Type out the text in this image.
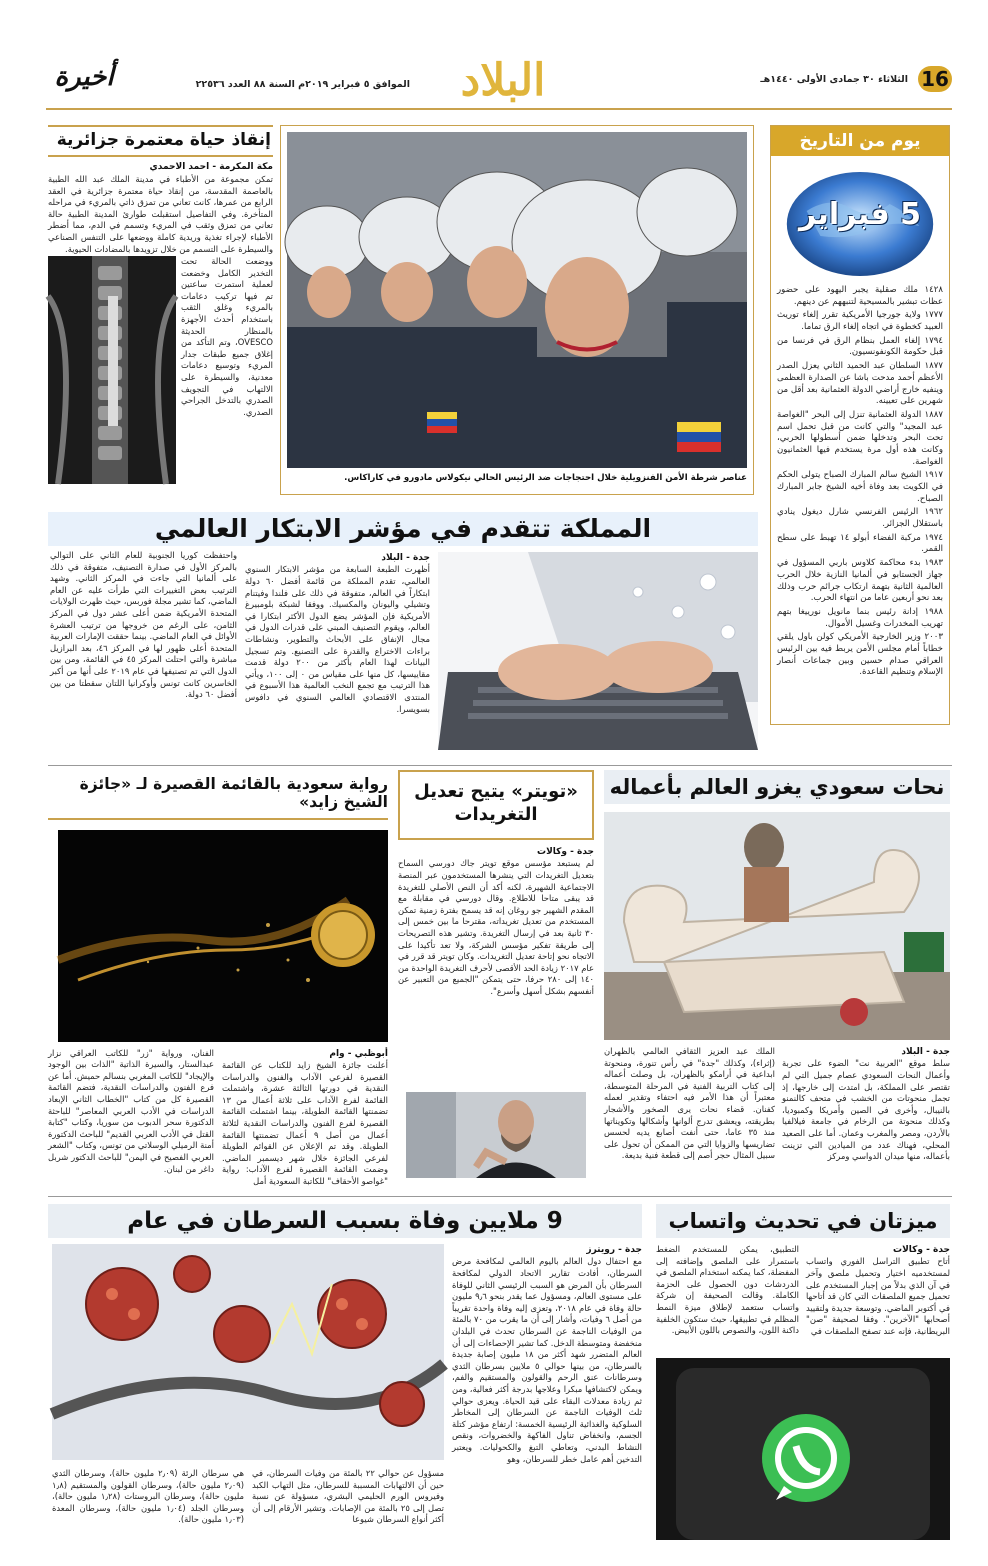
16
الثلاثاء ٣٠ جمادى الأولى ١٤٤٠هـ
البلاد
الموافق ٥ فبراير ٢٠١٩م السنة ٨٨ العدد ٢٢٥٣٦
أخيرة
يوم من التاريخ
5 فبراير

١٤٢٨ ملك صقلية يجبر اليهود على حضور عظات تبشير بالمسيحية لتنبههم عن دينهم.

١٧٧٧ ولاية جورجيا الأمريكية تقرر إلغاء توريث العبيد كخطوة في اتجاه إلغاء الرق تماما.

١٧٩٤ إلغاء العمل بنظام الرق في فرنسا من قبل حكومة الكونفونسيون.

١٨٧٧ السلطان عبد الحميد الثاني يعزل الصدر الأعظم أحمد مدحت باشا عن الصدارة العظمى وينفيه خارج أراضي الدولة العثمانية بعد أقل من شهرين على تعيينه.

١٨٨٧ الدولة العثمانية تنزل إلى البحر "الغواصة عبد المجيد" والتي كانت من قبل تحمل اسم تحت البحر وتدخلها ضمن أسطولها الحربي، وكانت هذه أول مرة يستخدم فيها العثمانيون الغواصة.

١٩١٧ الشيخ سالم المبارك الصباح يتولى الحكم في الكويت بعد وفاة أخيه الشيخ جابر المبارك الصباح.

١٩٦٢ الرئيس الفرنسي شارل ديغول ينادي باستقلال الجزائر.

١٩٧٤ مركبة الفضاء أبولو ١٤ تهبط على سطح القمر.

١٩٨٣ بدء محاكمة كلاوس باربي المسؤول في جهاز الجستابو في ألمانيا النازية خلال الحرب العالمية الثانية بتهمة ارتكاب جرائم حرب وذلك بعد نحو أربعين عاما من انتهاء الحرب.

١٩٨٨ إدانة رئيس بنما مانويل نورييغا بتهم تهريب المخدرات وغسيل الأموال.

٢٠٠٣ وزير الخارجية الأمريكي كولن باول يلقي خطاباً أمام مجلس الأمن يربط فيه بين الرئيس العراقي صدام حسين وبين جماعات أنصار الإسلام وتنظيم القاعدة.

عناصر شرطة الأمن الفنزويلية خلال احتجاجات ضد الرئيس الحالي نيكولاس مادورو في كاراكاس.
إنقاذ حياة معتمرة جزائرية
مكة المكرمة - احمد الاحمدي
تمكن مجموعة من الأطباء في مدينة الملك عبد الله الطبية بالعاصمة المقدسة، من إنقاذ حياة معتمرة جزائرية في العقد الرابع من عمرها، كانت تعاني من تمزق ذاتي بالمريء في مراحله المتأخرة. وفي التفاصيل استقبلت طوارئ المدينة الطبية حالة تعاني من تمزق وثقب في المريء وتسمم في الدم، مما أضطر الأطباء لإجراء تغذية وريدية كاملة ووضعها على التنفس الصناعي والسيطرة على التسمم من خلال تزويدها بالمضادات الحيوية.
ووضعت الحالة تحت التخدير الكامل وخضعت لعملية استمرت ساعتين تم فيها تركيب دعامات بالمريء وغلق الثقب باستخدام أحدث الأجهزة بالمنظار الحديثة OVESCO، وتم التأكد من إغلاق جميع طبقات جدار المريء وتوسيع دعامات معدنية، والسيطرة على الالتهاب في التجويف الصدري بالتدخل الجراحي الصدري.
المملكة تتقدم في مؤشر الابتكار العالمي
جدة - البلاد
أظهرت الطبعة السابعة من مؤشر الابتكار السنوي العالمي، تقدم المملكة من قائمة أفضل ٦٠ دولة ابتكاراً في العالم، متفوقة في ذلك على فلندا وفيتنام وتشيلي واليونان والمكسيك. ووفقا لشبكة بلومبيرغ الأمريكية فإن المؤشر يضع الدول الأكثر ابتكارا في العالم، ويقوم التصنيف المبني على قدرات الدول في مجال الإنفاق على الأبحاث والتطوير، ونشاطات براءات الاختراع والقدرة على التصنيع. وتم تسجيل البيانات لهذا العام بأكثر من ٢٠٠ دولة قدمت مقاييسها، كل منها على مقياس من ٠ إلى ١٠٠، ويأتي هذا الترتيب مع تجمع النخب العالمية هذا الأسبوع في المنتدى الاقتصادي العالمي السنوي في دافوس بسويسرا.
واحتفظت كوريا الجنوبية للعام الثاني على التوالي بالمركز الأول في صدارة التصنيف، متفوقة في ذلك على ألمانيا التي جاءت في المركز الثاني. وشهد الترتيب بعض التغييرات التي طرأت عليه عن العام الماضي، كما تشير مجلة فوربس، حيث ظهرت الولايات المتحدة الأمريكية ضمن أعلى عشر دول في المركز الثامن، على الرغم من خروجها من ترتيب العشرة الأوائل في العام الماضي. بينما حققت الإمارات العربية المتحدة أعلى ظهور لها في المركز ٤٦، بعد البرازيل مباشرة والتي احتلت المركز ٤٥ في القائمة، ومن بين الدول التي تم تصنيفها في عام ٢٠١٩ على أنها من أكبر الخاسرين كانت تونس وأوكرانيا اللتان سقطتا من بين أفضل ٦٠ دولة.
نحات سعودي يغزو العالم بأعماله
جدة - البلاد
سلط موقع "العربية نت" الضوء على تجربة وأعمال النحات السعودي عصام جميل التي لم تقتصر على المملكة، بل امتدت إلى خارجها، إذ تجمل منحوتات من الخشب في متحف كالنمنو بالنيبال، وأخرى في الصين وأمريكا وكمبوديا، وكذلك منحوتة من الرخام في جامعة فيلالفيا بالأردن، ومصر والمغرب وعمان. أما على الصعيد المحلي، فهناك عدد من الميادين التي تزينت بأعماله، منها ميدان الدواسي ومركز
الملك عبد العزيز الثقافي العالمي بالظهران (إثراء)، وكذلك "جدة" في رأس تنورة، ومنحوتة ابداعية في أرامكو بالظهران، بل وصلت أعماله إلى كتاب التربية الفنية في المرحلة المتوسطة، معتبراً أن هذا الأمر فيه احتفاء وتقدير لعمله كفنان. قضاء نحات يرى الصخور والأشجار بطريقته، ويعشق تدرج ألوانها وأشكالها وتكويناتها منذ ٣٥ عاما، حتى أنفت أصابع يديه لحسس تضاريسها والزوايا التي من الممكن أن تحول على سبيل المثال حجر أصم إلى قطعة فنية بديعة.
«تويتر» يتيح تعديل التغريدات
جدة - وكالات
لم يستبعد مؤسس موقع تويتر جاك دورسي السماح بتعديل التغريدات التي ينشرها المستخدمون عبر المنصة الاجتماعية الشهيرة، لكنه أكد أن النص الأصلي للتغريدة قد يبقى متاحا للاطلاع. وقال دورسي في مقابلة مع المقدم الشهير جو روغان إنه قد يسمح بفترة زمنية تمكن المستخدم من تعديل تغريداته، مقترحا ما بين خمس إلى ٣٠ ثانية بعد في إرسال التغريدة. وتشير هذه التصريحات إلى طريقة تفكير مؤسس الشركة، ولا تعد تأكيدا على الاتجاه نحو إتاحة تعديل التغريدات. وكان تويتر قد قرر في عام ٢٠١٧ زيادة الحد الأقصى لأحرف التغريدة الواحدة من ١٤٠ إلى ٢٨٠ حرفا، حتى يتمكن "الجميع من التعبير عن أنفسهم بشكل أسهل وأسرع".
رواية سعودية بالقائمة القصيرة لـ «جائزة الشيخ زايد»
أبوظبي - وام
أعلنت جائزة الشيخ زايد للكتاب عن القائمة القصيرة لفرعي الآداب والفنون والدراسات النقدية في دورتها الثالثة عشرة، واشتملت القائمة لفرع الآداب على ثلاثة أعمال من ١٣ تضمنتها القائمة الطويلة، بينما اشتملت القائمة القصيرة لفرع الفنون والدراسات النقدية لثلاثة أعمال من أصل ٩ أعمال تضمنتها القائمة الطويلة. وقد تم الإعلان عن القوائم الطويلة لفرعي الجائزة خلال شهر ديسمبر الماضي. وضمت القائمة القصيرة لفرع الآداب: رواية "غواصو الأحقاف" للكاتبة السعودية أمل
الفنان، ورواية "زر" للكاتب العراقي نزار عبدالستار، والسيرة الذاتية "الذات بين الوجود والإيجاد" للكاتب المغربي بنسالم حميش. أما عن فرع الفنون والدراسات النقدية، فتضم القائمة القصيرة كل من كتاب "الخطاب الثاني الإبعاد الدراسات في الأدب العربي المعاصر" للباحثة الدكتورة سحر الدبوب من سوريا، وكتاب "كتابة القتل في الأدب العربي القديم" للباحث الدكتورة أمنة الرميلي الوسلاتي من تونس، وكتاب "الشعر العربي الفصيح في اليمن" للباحث الدكتور شربل داغر من لبنان.
ميزتان في تحديث واتساب
جدة - وكالات
أتاح تطبيق التراسل الفوري واتساب لمستخدميه اختيار وتحميل ملصق وآخر في آن الذي بدلاً من إجبار المستخدم على تحميل جميع الملصقات التي كان قد أتاحها في أكتوبر الماضي. وتوسعة جديدة ولتقييد أصحابها "الآخرين". وفقا لصحيفة "صن" البريطانية، فإنه عند تصفح الملصقات في
التطبيق، يمكن للمستخدم الضغط باستمرار على الملصق وإضافته إلى المفضلة، كما يمكنه استخدام الملصق في الدردشات دون الحصول على الحزمة الكاملة. وقالت الصحيفة إن شركة واتساب ستعمد لإطلاق ميزة النمط المظلم في تطبيقها، حيث ستكون الخلفية داكنة اللون، والنصوص باللون الأبيض.
9 ملايين وفاة بسبب السرطان في عام
جدة - رويترز
مع احتفال دول العالم باليوم العالمي لمكافحة مرض السرطان، أفادت تقارير الاتحاد الدولي لمكافحة السرطان بأن المرض هو السبب الرئيسي الثاني للوفاة على مستوى العالم، ومسؤول عما يقدر بنحو ٩٫٦ مليون حالة وفاة في عام ٢٠١٨، وتعزى إليه وفاة واحدة تقريباً من أصل ٦ وفيات، وأشار إلى أن ما يقرب من ٧٠ بالمئة من الوفيات الناجمة عن السرطان تحدث في البلدان منخفضة ومتوسطة الدخل. كما تشير الإحصاءات إلى أن العالم المتضرر شهد أكثر من ١٨ مليون إصابة جديدة بالسرطان، من بينها حوالي ٥ ملايين بسرطان الثدي وسرطانات عنق الرحم والقولون والمستقيم والفم، ويمكن لاكتشافها مبكرا وعلاجها بدرجة أكثر فعالية، ومن ثم زيادة معدلات البقاء على قيد الحياة. ويعزى حوالي ثلث الوفيات الناجمة عن السرطان إلى المخاطر السلوكية والغذائية الرئيسية الخمسة: ارتفاع مؤشر كتلة الجسم، وانخفاض تناول الفاكهة والخضروات، ونقص النشاط البدني، وتعاطي التبغ والكحوليات. ويعتبر التدخين أهم عامل خطر للسرطان، وهو
مسؤول عن حوالي ٢٢ بالمئة من وفيات السرطان، في حين أن الالتهابات المسببة للسرطان، مثل التهاب الكبد وفيروس الورم الحليمي البشري، مسؤولة عن نسبة تصل إلى ٢٥ بالمئة من الإصابات. وتشير الأرقام إلى أن أكثر أنواع السرطان شيوعا
هي سرطان الرئة (٢٫٠٩ مليون حالة)، وسرطان الثدي (٢٫٠٩ مليون حالة)، وسرطان القولون والمستقيم (١٫٨ مليون حالة)، وسرطان البروستات (١٫٢٨ مليون حالة)، وسرطان الجلد (١٫٠٤ مليون حالة)، وسرطان المعدة (١٫٠٣ مليون حالة).
